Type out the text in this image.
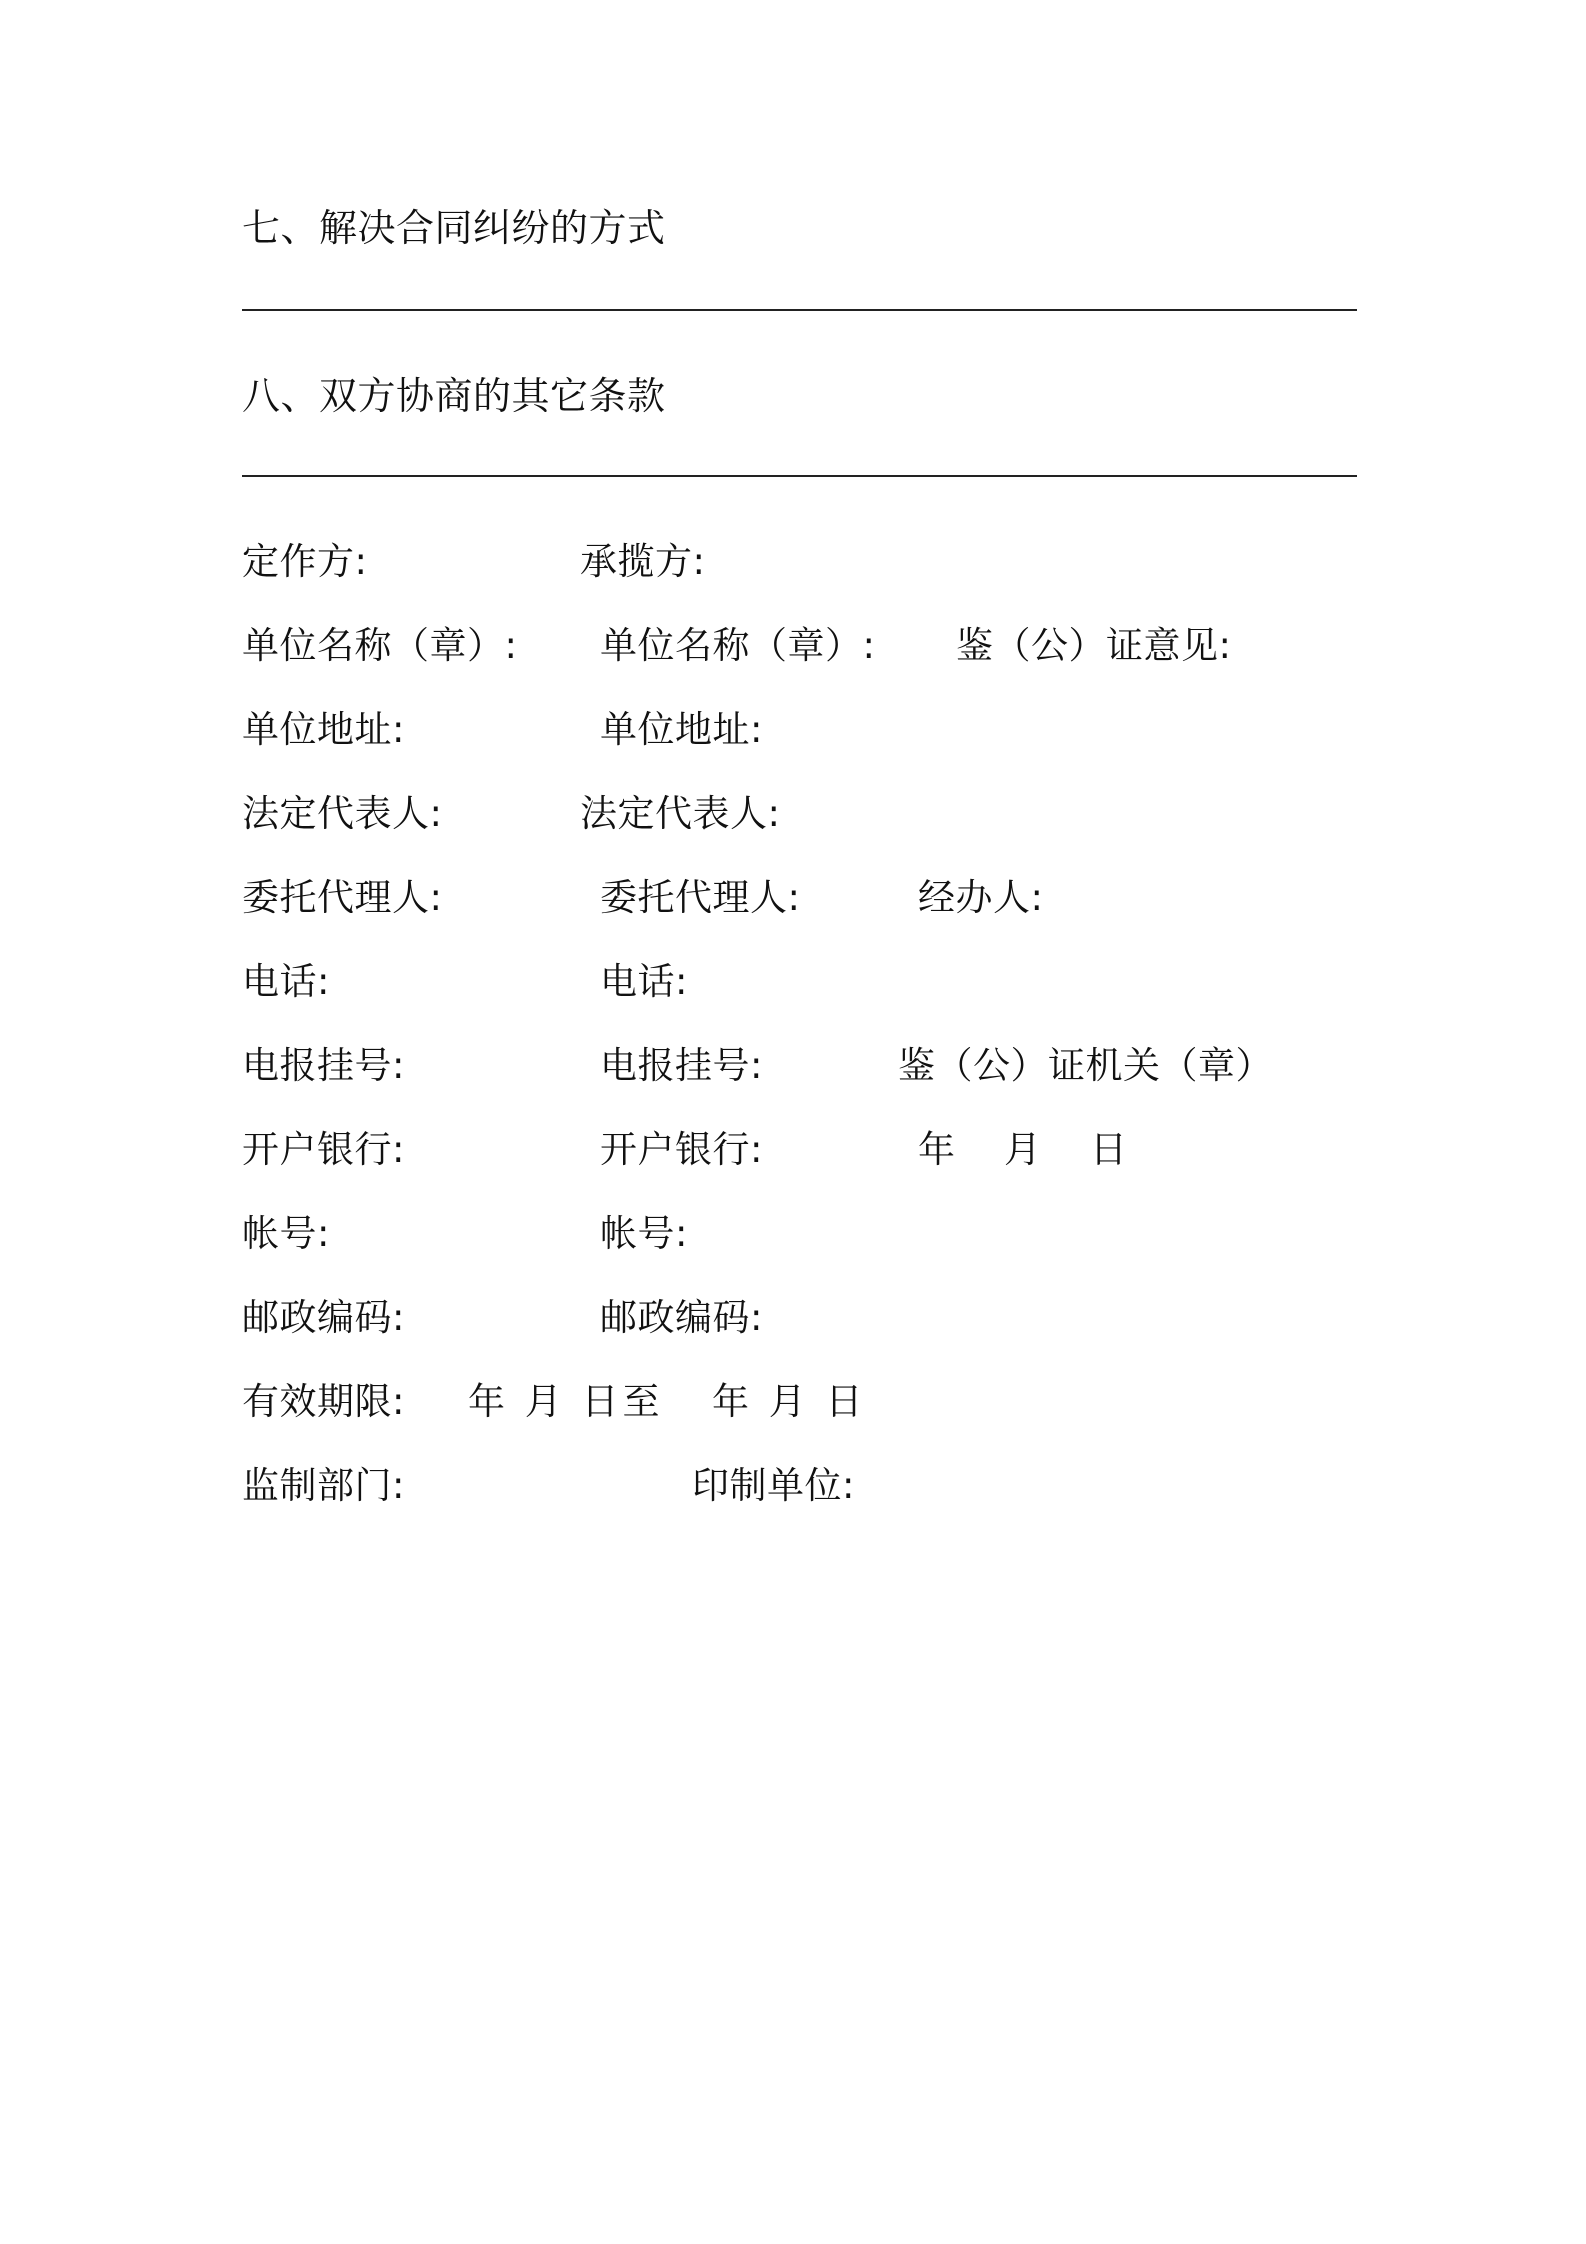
七、解决合同纠纷的方式
八、双方协商的其它条款
定作方:	承揽方:
单位名称（章）: 单位名称（章）: 鉴（公）证意见:
单位地址:	单位地址:
法定代表人:	法定代表人:
委托代理人:	委托代理人:	经办人:
电话:	电话:
电报挂号:	电报挂号:	鉴（公）证机关（章）
开户银行:	开户银行:	年　月　日
帐号:	帐号:
邮政编码:	邮政编码:
有效期限: 年 月 日至 年 月 日
监制部门:	印制单位:
